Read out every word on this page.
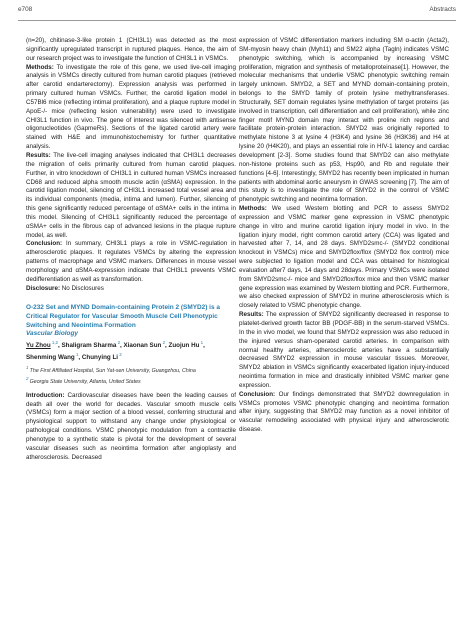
e708	Abstracts

(n=20), chitinase-3-like protein 1 (CHI3L1) was detected as the most significantly upregulated transcript in ruptured plaques. Hence, the aim of our research project was to investigate the function of CHI3L1 in VSMCs.

Methods: To investigate the role of this gene, we used live-cell imaging analysis in VSMCs directly cultured from human carotid plaques (retrieved after carotid endarterectomy). Expression analysis was performed in primary cultured human VSMCs. Further, the carotid ligation model in C57Bl6 mice (reflecting intimal proliferation), and a plaque rupture model in ApoE-/- mice (reflecting lesion vulnerability) were used to investigate CHI3L1 function in vivo. The gene of interest was silenced with antisense oligonucleotides (GapmeRs). Sections of the ligated carotid artery were stained with H&E and immunohistochemistry for further quantitative analysis.

Results: The live-cell imaging analyses indicated that CHI3L1 decreases the migration of cells primarily cultured from human carotid plaques. Further, in vitro knockdown of CHI3L1 in cultured human VSMCs increased CD68 and reduced alpha smooth muscle actin (αSMA) expression. In the carotid ligation model, silencing of CHI3L1 increased total vessel area and its individual components (media, intima and lumen). Further, silencing of this gene significantly reduced percentage of αSMA+ cells in the intima in this model. Silencing of CHI3L1 significantly reduced the percentage of αSMA+ cells in the fibrous cap of advanced lesions in the plaque rupture model, as well.

Conclusion: In summary, CHI3L1 plays a role in VSMC-regulation in atherosclerotic plaques. It regulates VSMCs by altering the expression patterns of macrophage and VSMC markers. Differences in mouse vessel morphology and αSMA-expression indicate that CHI3L1 prevents VSMC dedifferentiation as well as transformation.

Disclosure: No Disclosures

O-232 Set and MYND Domain-containing Protein 2 (SMYD2) is a Critical Regulator for Vascular Smooth Muscle Cell Phenotypic Switching and Neointima Formation

Vascular Biology

Yu Zhou $^{1,2}$, Shaligram Sharma $^2$, Xiaonan Sun $^2$, Zuojun Hu $^1$, Shenming Wang $^1$, Chunying Li $^2$

$^1$ The First Affiliated Hospital, Sun Yat-sen University, Guangzhou, China
$^2$ Georgia State University, Atlanta, United States

Introduction: Cardiovascular diseases have been the leading causes of death all over the world for decades. Vascular smooth muscle cells (VSMCs) form a major section of a blood vessel, conferring structural and physiological support to withstand any change under physiological or pathological conditions. VSMC phenotypic modulation from a contractile phenotype to a synthetic state is pivotal for the development of several vascular diseases such as neointima formation after angioplasty and atherosclerosis. Decreased

expression of VSMC differentiation markers including SM α-actin (Acta2), SM-myosin heavy chain (Myh11) and SM22 alpha (Tagln) indicates VSMC phenotypic switching, which is accompanied by increasing VSMC proliferation, migration and synthesis of metalloproteinase[1]. However, the molecular mechanisms that underlie VSMC phenotypic switching remain largely unknown. SMYD2, a SET and MYND domain-containing protein, belongs to the SMYD family of protein lysine methyltransferases. Structurally, SET domain regulates lysine methylation of target proteins (as involved in transcription, cell differentiation and cell proliferation), while zinc finger motif MYND domain may interact with proline rich regions and facilitate protein-protein interaction. SMYD2 was originally reported to methylate histone 3 at lysine 4 (H3K4) and lysine 36 (H3K36) and H4 at lysine 20 (H4K20), and plays an essential role in HIV-1 latency and cardiac development [2-3]. Some studies found that SMYD2 can also methylate non-histone proteins such as p53, Hsp90, and Rb and regulate their functions [4-6]. Interestingly, SMYD2 has recently been implicated in human patients with abdominal aortic aneurysm in GWAS screening [7]. The aim of this study is to investigate the role of SMYD2 in the control of VSMC phenotypic switching and neointima formation.

Methods: We used Western blotting and PCR to assess SMYD2 expression and VSMC marker gene expression in VSMC phenotypic change in vitro and murine carotid ligation injury model in vivo. In the ligation injury model, right common carotid artery (CCA) was ligated and harvested after 7, 14, and 28 days. SMYD2smc-/- (SMYD2 conditional knockout in VSMCs) mice and SMYD2flox/flox (SMYD2 flox control) mice were subjected to ligation model and CCA was obtained for histological evaluation after7 days, 14 days and 28days. Primary VSMCs were isolated from SMYD2smc-/- mice and SMYD2flox/flox mice and then VSMC marker gene expression was examined by Western blotting and PCR. Furthermore, we also checked expression of SMYD2 in murine atherosclerosis which is closely related to VSMC phenotypic change.

Results: The expression of SMYD2 significantly decreased in response to platelet-derived growth factor BB (PDGF-BB) in the serum-starved VSMCs. In the in vivo model, we found that SMYD2 expression was also reduced in the injured versus sham-operated carotid arteries. In comparison with normal healthy arteries, atherosclerotic arteries have a substantially decreased SMYD2 expression in mouse vascular tissues. Moreover, SMYD2 ablation in VSMCs significantly exacerbated ligation injury-induced neointima formation in mice and drastically inhibited VSMC marker gene expression.

Conclusion: Our findings demonstrated that SMYD2 downregulation in VSMCs promotes VSMC phenotypic changing and neointima formation after injury, suggesting that SMYD2 may function as a novel inhibitor of vascular remodeling associated with physical injury and atherosclerotic disease.
